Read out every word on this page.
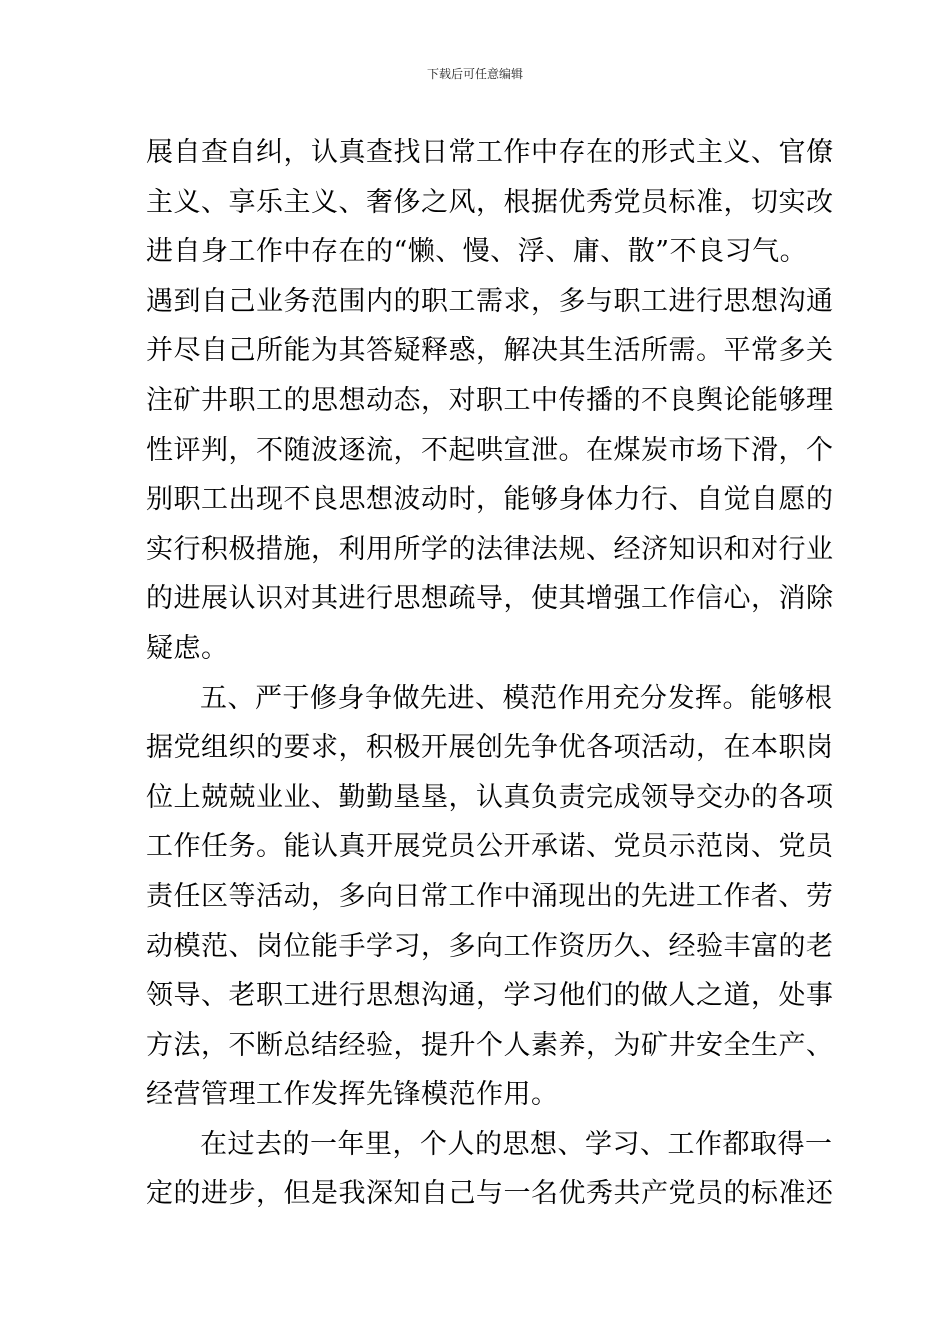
下载后可任意编辑
展自查自纠，认真查找日常工作中存在的形式主义、官僚
主义、享乐主义、奢侈之风，根据优秀党员标准，切实改
进自身工作中存在的“懒、慢、浮、庸、散”不良习气。
遇到自己业务范围内的职工需求，多与职工进行思想沟通
并尽自己所能为其答疑释惑，解决其生活所需。平常多关
注矿井职工的思想动态，对职工中传播的不良舆论能够理
性评判，不随波逐流，不起哄宣泄。在煤炭市场下滑，个
别职工出现不良思想波动时，能够身体力行、自觉自愿的
实行积极措施，利用所学的法律法规、经济知识和对行业
的进展认识对其进行思想疏导，使其增强工作信心，消除
疑虑。
五、严于修身争做先进、模范作用充分发挥。能够根
据党组织的要求，积极开展创先争优各项活动，在本职岗
位上兢兢业业、勤勤垦垦，认真负责完成领导交办的各项
工作任务。能认真开展党员公开承诺、党员示范岗、党员
责任区等活动，多向日常工作中涌现出的先进工作者、劳
动模范、岗位能手学习，多向工作资历久、经验丰富的老
领导、老职工进行思想沟通，学习他们的做人之道，处事
方法，不断总结经验，提升个人素养，为矿井安全生产、
经营管理工作发挥先锋模范作用。
在过去的一年里，个人的思想、学习、工作都取得一
定的进步，但是我深知自己与一名优秀共产党员的标准还
